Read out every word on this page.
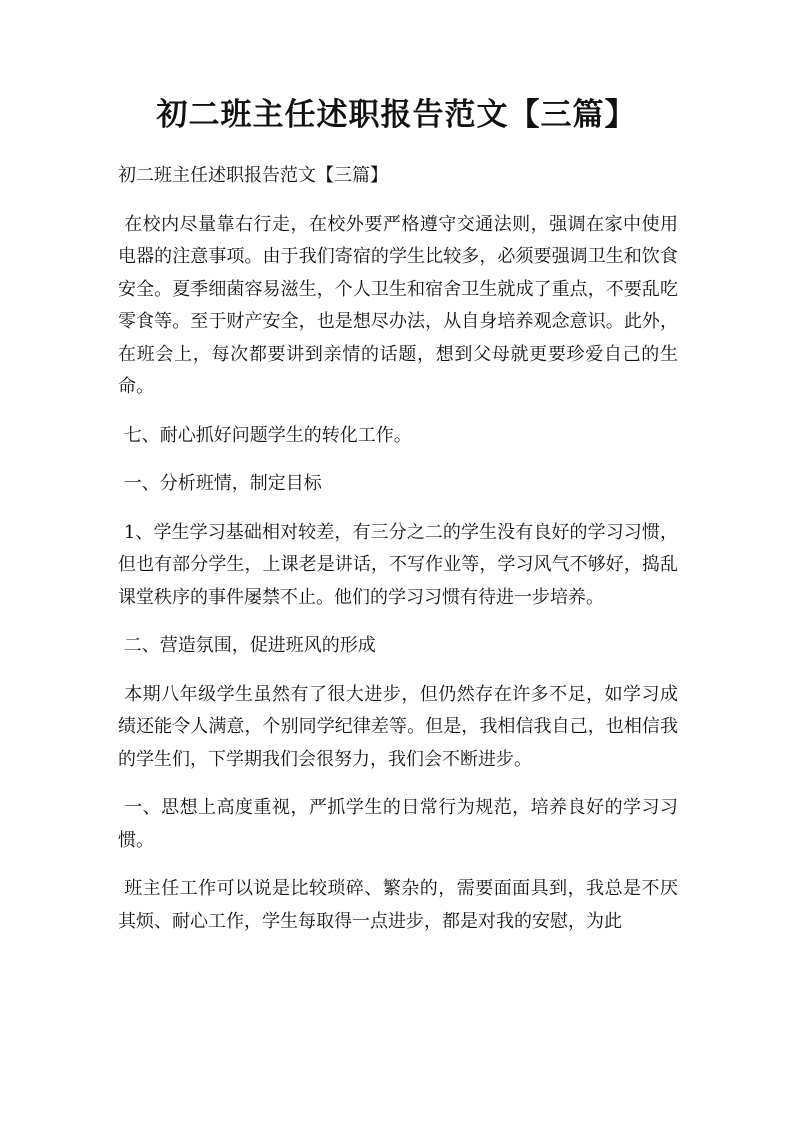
初二班主任述职报告范文【三篇】

初二班主任述职报告范文【三篇】

在校内尽量靠右行走，在校外要严格遵守交通法则，强调在家中使用电器的注意事项。由于我们寄宿的学生比较多，必须要强调卫生和饮食安全。夏季细菌容易滋生，个人卫生和宿舍卫生就成了重点，不要乱吃零食等。至于财产安全，也是想尽办法，从自身培养观念意识。此外，在班会上，每次都要讲到亲情的话题，想到父母就更要珍爱自己的生命。

七、耐心抓好问题学生的转化工作。

一、分析班情，制定目标

1、学生学习基础相对较差，有三分之二的学生没有良好的学习习惯，但也有部分学生，上课老是讲话，不写作业等，学习风气不够好，捣乱课堂秩序的事件屡禁不止。他们的学习习惯有待进一步培养。

二、营造氛围，促进班风的形成

本期八年级学生虽然有了很大进步，但仍然存在许多不足，如学习成绩还能令人满意，个别同学纪律差等。但是，我相信我自己，也相信我的学生们，下学期我们会很努力，我们会不断进步。

一、思想上高度重视，严抓学生的日常行为规范，培养良好的学习习惯。

班主任工作可以说是比较琐碎、繁杂的，需要面面具到，我总是不厌其烦、耐心工作，学生每取得一点进步，都是对我的安慰，为此
